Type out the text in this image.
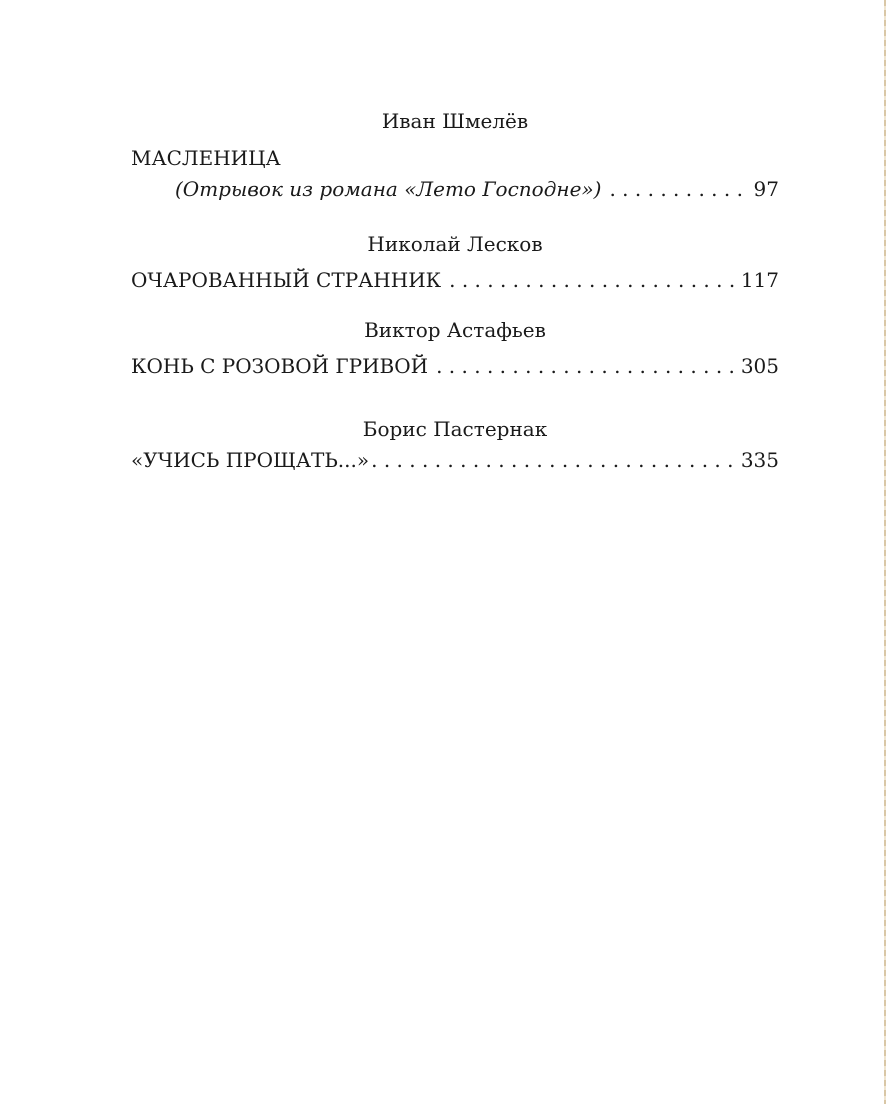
Иван Шмелёв
МАСЛЕНИЦА
(Отрывок из романа «Лето Господне») . . .	97
Николай Лесков
ОЧАРОВАННЫЙ СТРАННИК . . .	117
Виктор Астафьев
КОНЬ С РОЗОВОЙ ГРИВОЙ . . .	305
Борис Пастернак
«УЧИСЬ ПРОЩАТЬ...» . . .	335
